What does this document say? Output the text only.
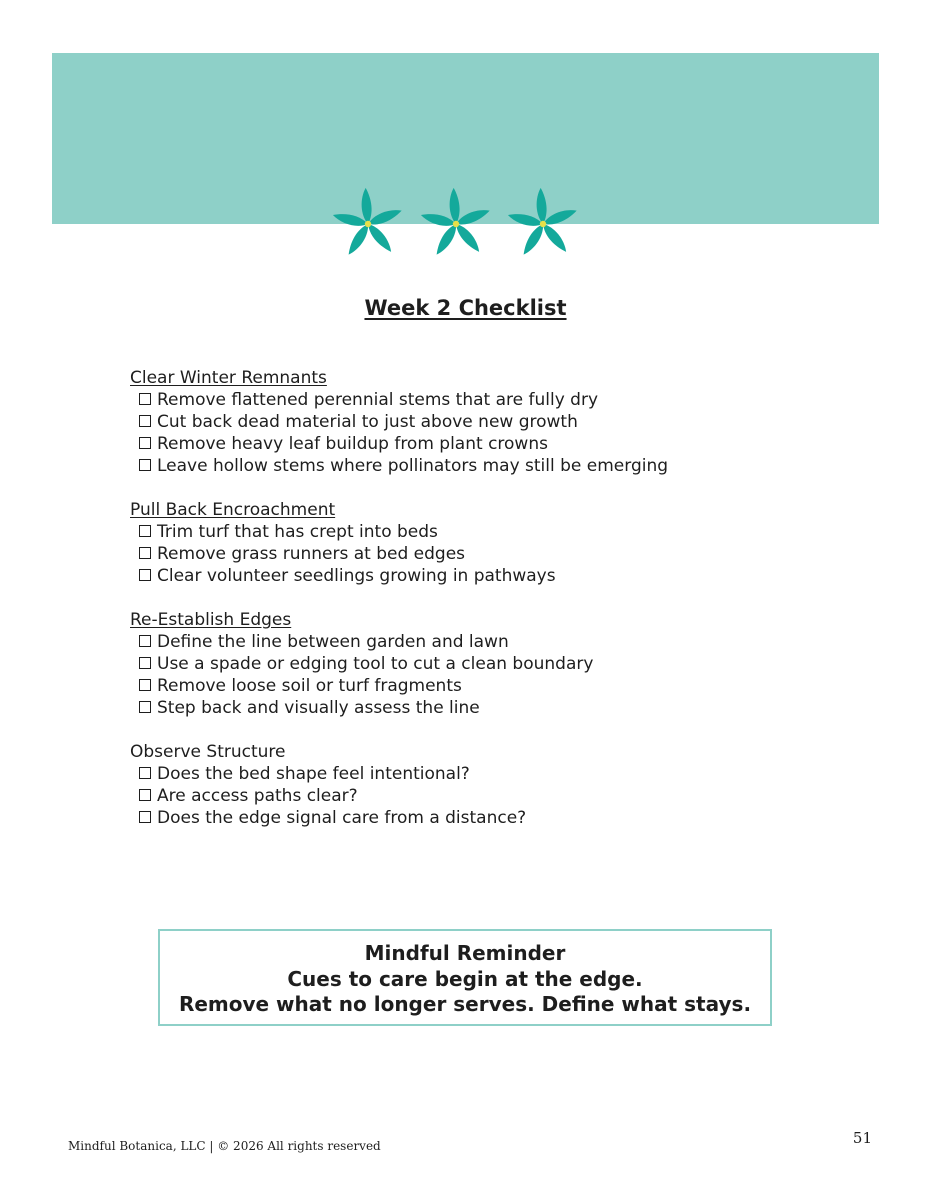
Week 2 Checklist
Clear Winter Remnants
Remove flattened perennial stems that are fully dry
Cut back dead material to just above new growth
Remove heavy leaf buildup from plant crowns
Leave hollow stems where pollinators may still be emerging
Pull Back Encroachment
Trim turf that has crept into beds
Remove grass runners at bed edges
Clear volunteer seedlings growing in pathways
Re-Establish Edges
Define the line between garden and lawn
Use a spade or edging tool to cut a clean boundary
Remove loose soil or turf fragments
Step back and visually assess the line
Observe Structure
Does the bed shape feel intentional?
Are access paths clear?
Does the edge signal care from a distance?
Mindful Reminder
Cues to care begin at the edge.
Remove what no longer serves. Define what stays.
Mindful Botanica, LLC | © 2026 All rights reserved	51
